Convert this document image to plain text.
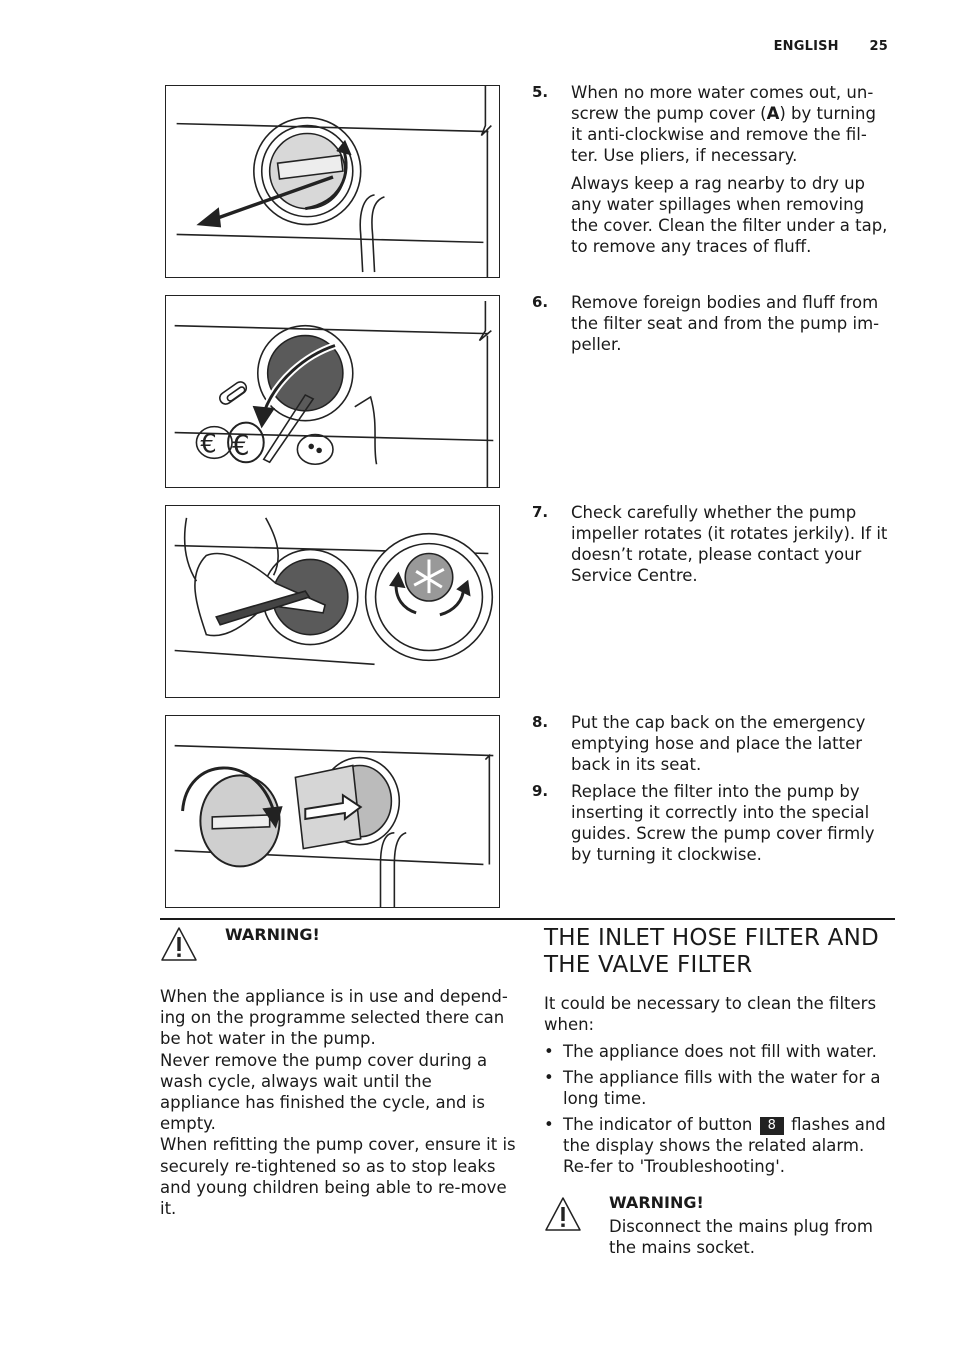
ENGLISH 25
€ €
5. When no more water comes out, un-screw the pump cover (A) by turning it anti-clockwise and remove the fil-ter. Use pliers, if necessary.

Always keep a rag nearby to dry up any water spillages when removing the cover. Clean the filter under a tap, to remove any traces of fluff.

6. Remove foreign bodies and fluff from the filter seat and from the pump im-peller.

7. Check carefully whether the pump impeller rotates (it rotates jerkily). If it doesn’t rotate, please contact your Service Centre.

8. Put the cap back on the emergency emptying hose and place the latter back in its seat.

9. Replace the filter into the pump by inserting it correctly into the special guides. Screw the pump cover firmly by turning it clockwise.

WARNING!

When the appliance is in use and depend-ing on the programme selected there can be hot water in the pump.

Never remove the pump cover during a wash cycle, always wait until the appliance has finished the cycle, and is empty.

When refitting the pump cover, ensure it is securely re-tightened so as to stop leaks and young children being able to re-move it.

THE INLET HOSE FILTER AND THE VALVE FILTER
It could be necessary to clean the filters when:
• The appliance does not fill with water.
• The appliance fills with the water for a long time.
• The indicator of button 8 flashes and the display shows the related alarm. Re-fer to 'Troubleshooting'.
WARNING!
Disconnect the mains plug from the mains socket.
